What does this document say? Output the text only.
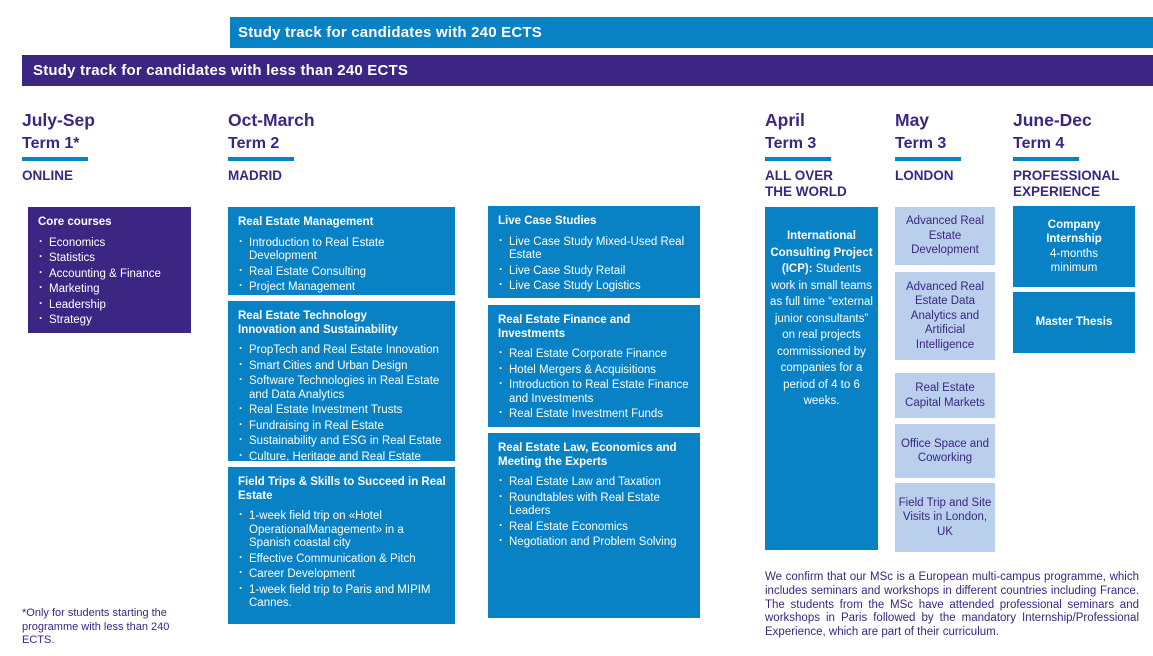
Study track for candidates with 240 ECTS
Study track for candidates with less than 240 ECTS
July-Sep
Term 1*
ONLINE
Oct-March
Term 2
MADRID
April
Term 3
ALL OVER THE WORLD
May
Term 3
LONDON
June-Dec
Term 4
PROFESSIONAL EXPERIENCE
Core courses
· Economics
· Statistics
· Accounting & Finance
· Marketing
· Leadership
· Strategy
Real Estate Management
· Introduction to Real Estate Development
· Real Estate Consulting
· Project Management
Real Estate Technology Innovation and Sustainability
· PropTech and Real Estate Innovation
· Smart Cities and Urban Design
· Software Technologies in Real Estate and Data Analytics
· Real Estate Investment Trusts
· Fundraising in Real Estate
· Sustainability and ESG in Real Estate
· Culture, Heritage and Real Estate
Field Trips & Skills to Succeed in Real Estate
· 1-week field trip on «Hotel OperationalManagement» in a Spanish coastal city
· Effective Communication & Pitch
· Career Development
· 1-week field trip to Paris and MIPIM Cannes.
Live Case Studies
· Live Case Study Mixed-Used Real Estate
· Live Case Study Retail
· Live Case Study Logistics
Real Estate Finance and Investments
· Real Estate Corporate Finance
· Hotel Mergers & Acquisitions
· Introduction to Real Estate Finance and Investments
· Real Estate Investment Funds
Real Estate Law, Economics and Meeting the Experts
· Real Estate Law and Taxation
· Roundtables with Real Estate Leaders
· Real Estate Economics
· Negotiation and Problem Solving
International Consulting Project (ICP): Students work in small teams as full time “external junior consultants” on real projects commissioned by companies for a period of 4 to 6 weeks.
Advanced Real Estate Development
Advanced Real Estate Data Analytics and Artificial Intelligence
Real Estate Capital Markets
Office Space and Coworking
Field Trip and Site Visits in London, UK
Company Internship
4-months minimum
Master Thesis
*Only for students starting the programme with less than 240 ECTS.
We confirm that our MSc is a European multi-campus programme, which includes seminars and workshops in different countries including France. The students from the MSc have attended professional seminars and workshops in Paris followed by the mandatory Internship/Professional Experience, which are part of their curriculum.
